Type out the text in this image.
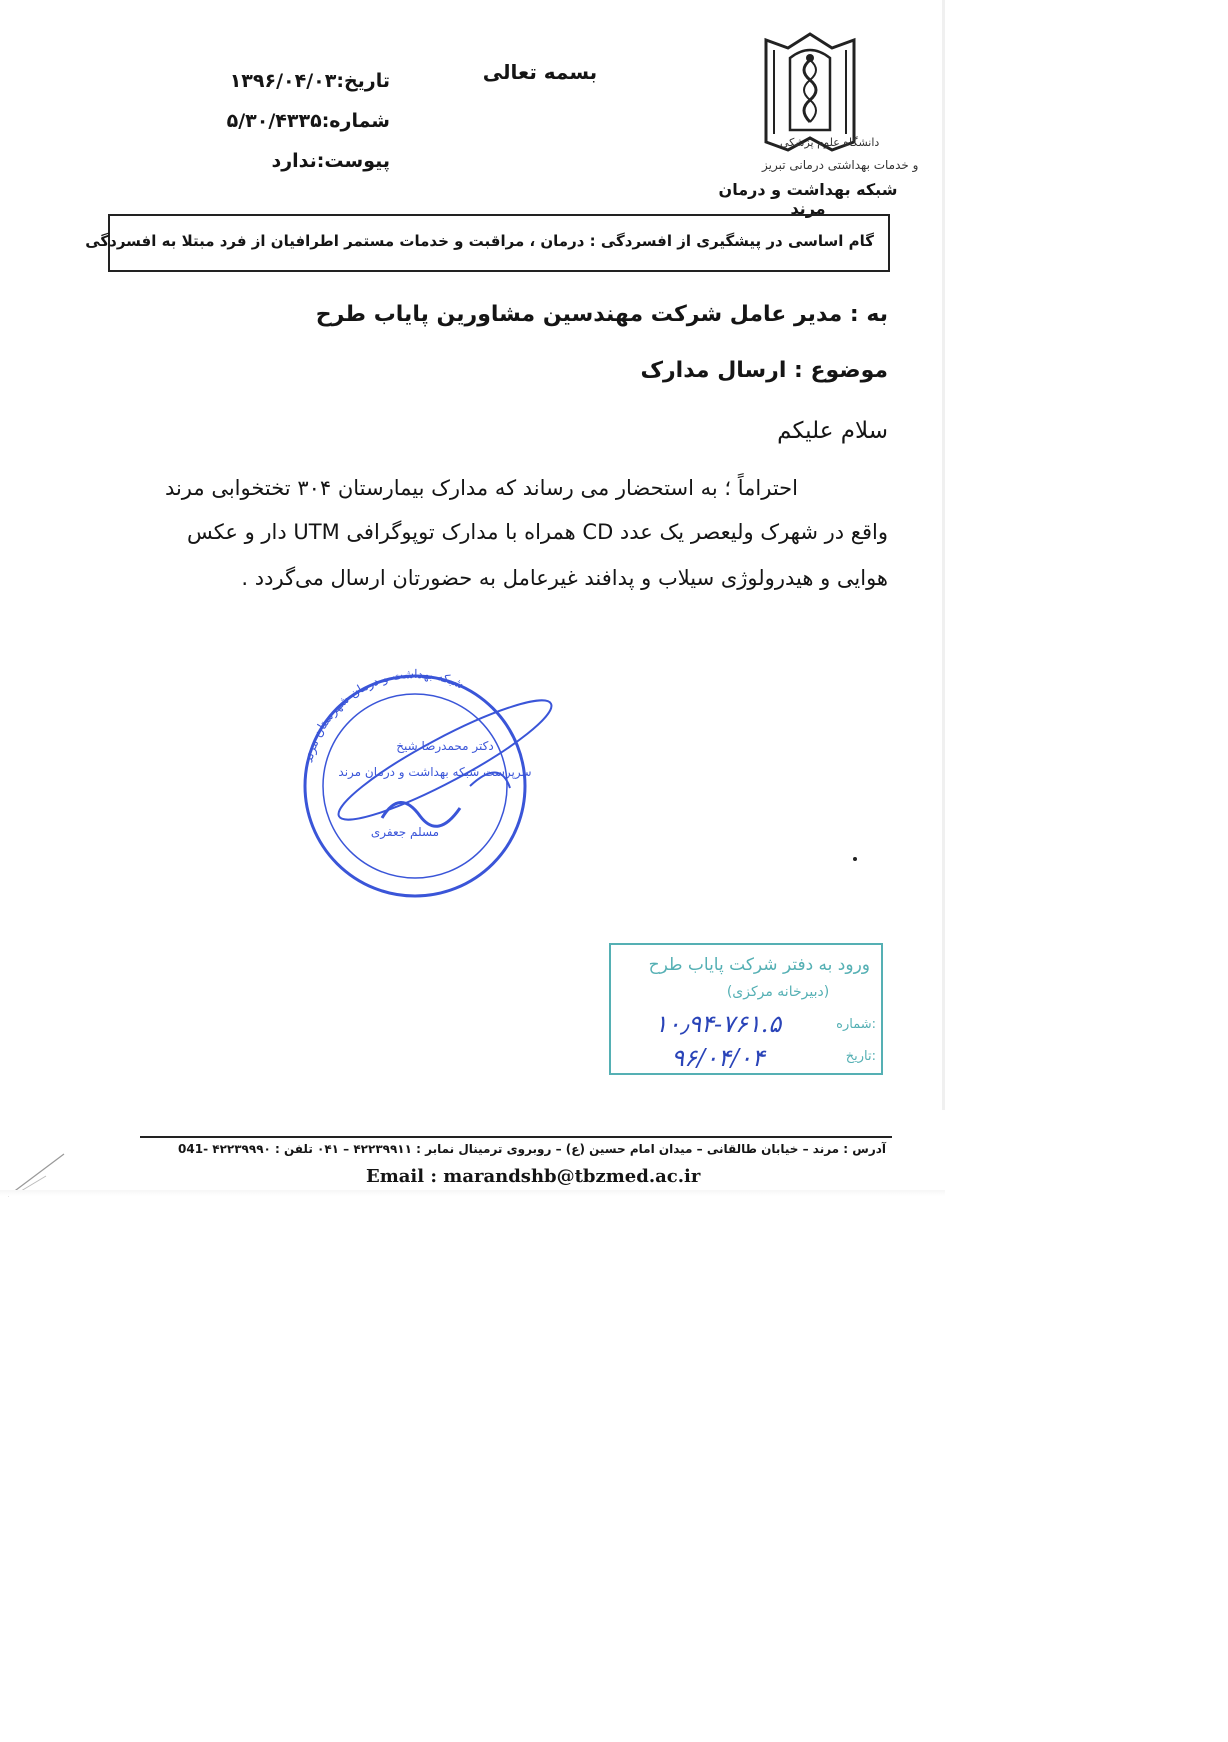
دانشگاه علوم پزشکی
و خدمات بهداشتی درمانی تبریز
شبکه بهداشت و درمان مرند
بسمه تعالی
تاریخ:۱۳۹۶/۰۴/۰۳
شماره:۵/۳۰/۴۳۳۵
پیوست:ندارد
گام اساسی در پیشگیری از افسردگی : درمان ، مراقبت و خدمات مستمر اطرافیان از فرد مبتلا به افسردگی
به : مدیر عامل شرکت مهندسین مشاورین پایاب طرح
موضوع : ارسال مدارک
سلام علیکم
احتراماً ؛ به استحضار می رساند که مدارک بیمارستان ۳۰۴ تختخوابی مرند
واقع در شهرک ولیعصر یک عدد CD همراه با مدارک توپوگرافی UTM دار و عکس
هوایی و هیدرولوژی سیلاب و پدافند غیرعامل به حضورتان ارسال می‌گردد .
شبکه بهداشت و درمان شهرستان مرند
دکتر محمدرضا شیخ
سرپرست شبکه بهداشت و درمان مرند
مسلم جعفری
ورود به دفتر شرکت پایاب طرح
(دبیرخانه مرکزی)
شماره:
تاریخ:
۱۰٫۹۴-۷۶۱.۵
۹۶/۰۴/۰۴
آدرس : مرند – خیابان طالقانی – میدان امام حسین (ع) – روبروی ترمینال نمابر : ۴۲۲۳۹۹۱۱ – ۰۴۱ تلفن : ۴۲۲۳۹۹۹۰ -041
Email : marandshb@tbzmed.ac.ir
